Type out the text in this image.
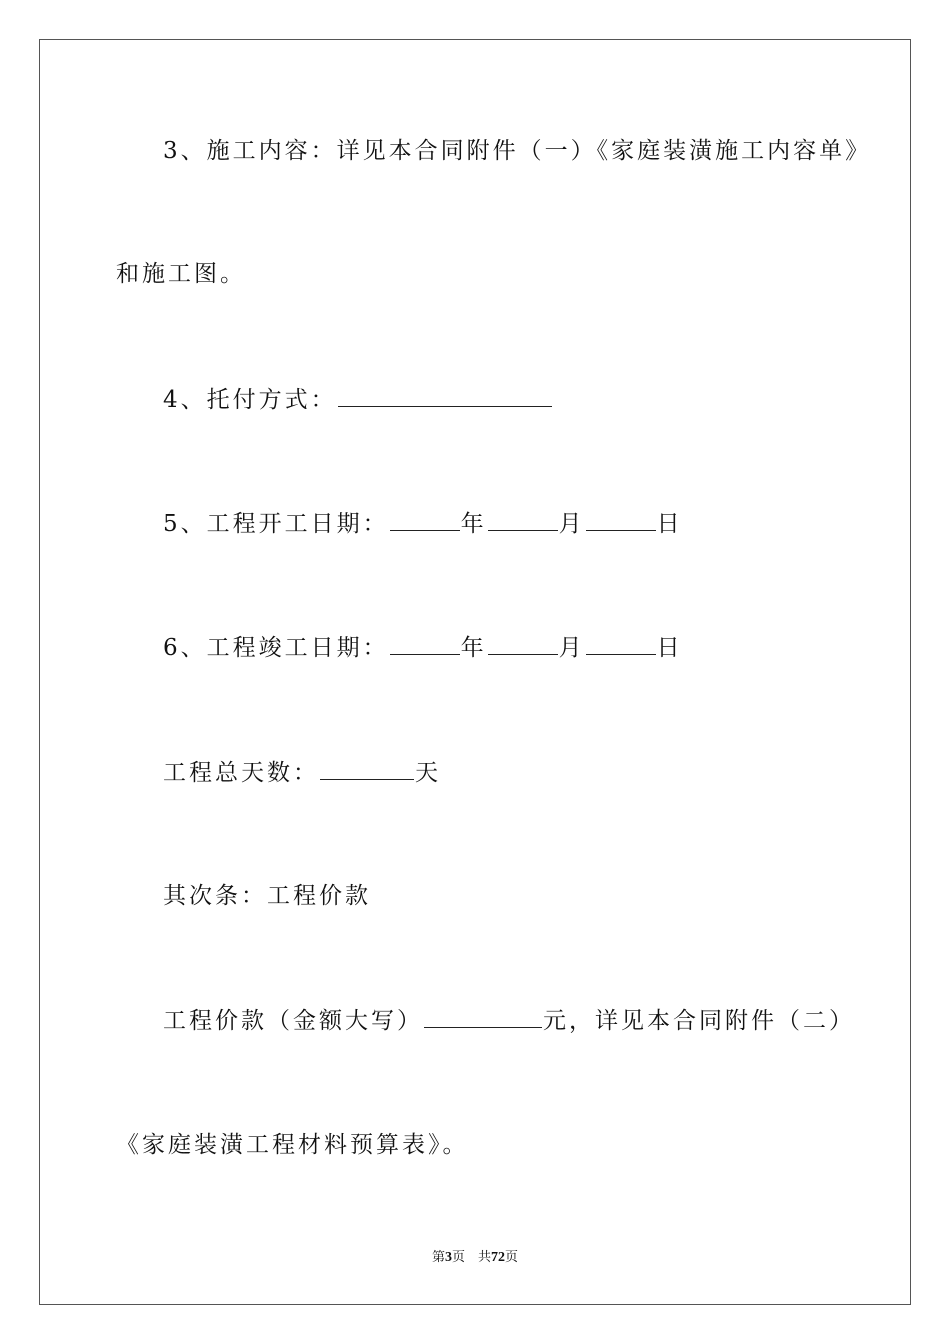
3、施工内容：详见本合同附件（一）《家庭装潢施工内容单》
和施工图。
4、托付方式：
5、工程开工日期：	年	月	日
6、工程竣工日期：	年	月	日
工程总天数：	天
其次条：工程价款
工程价款（金额大写）	元，详见本合同附件（二）
《家庭装潢工程材料预算表》。
第3页　共72页
